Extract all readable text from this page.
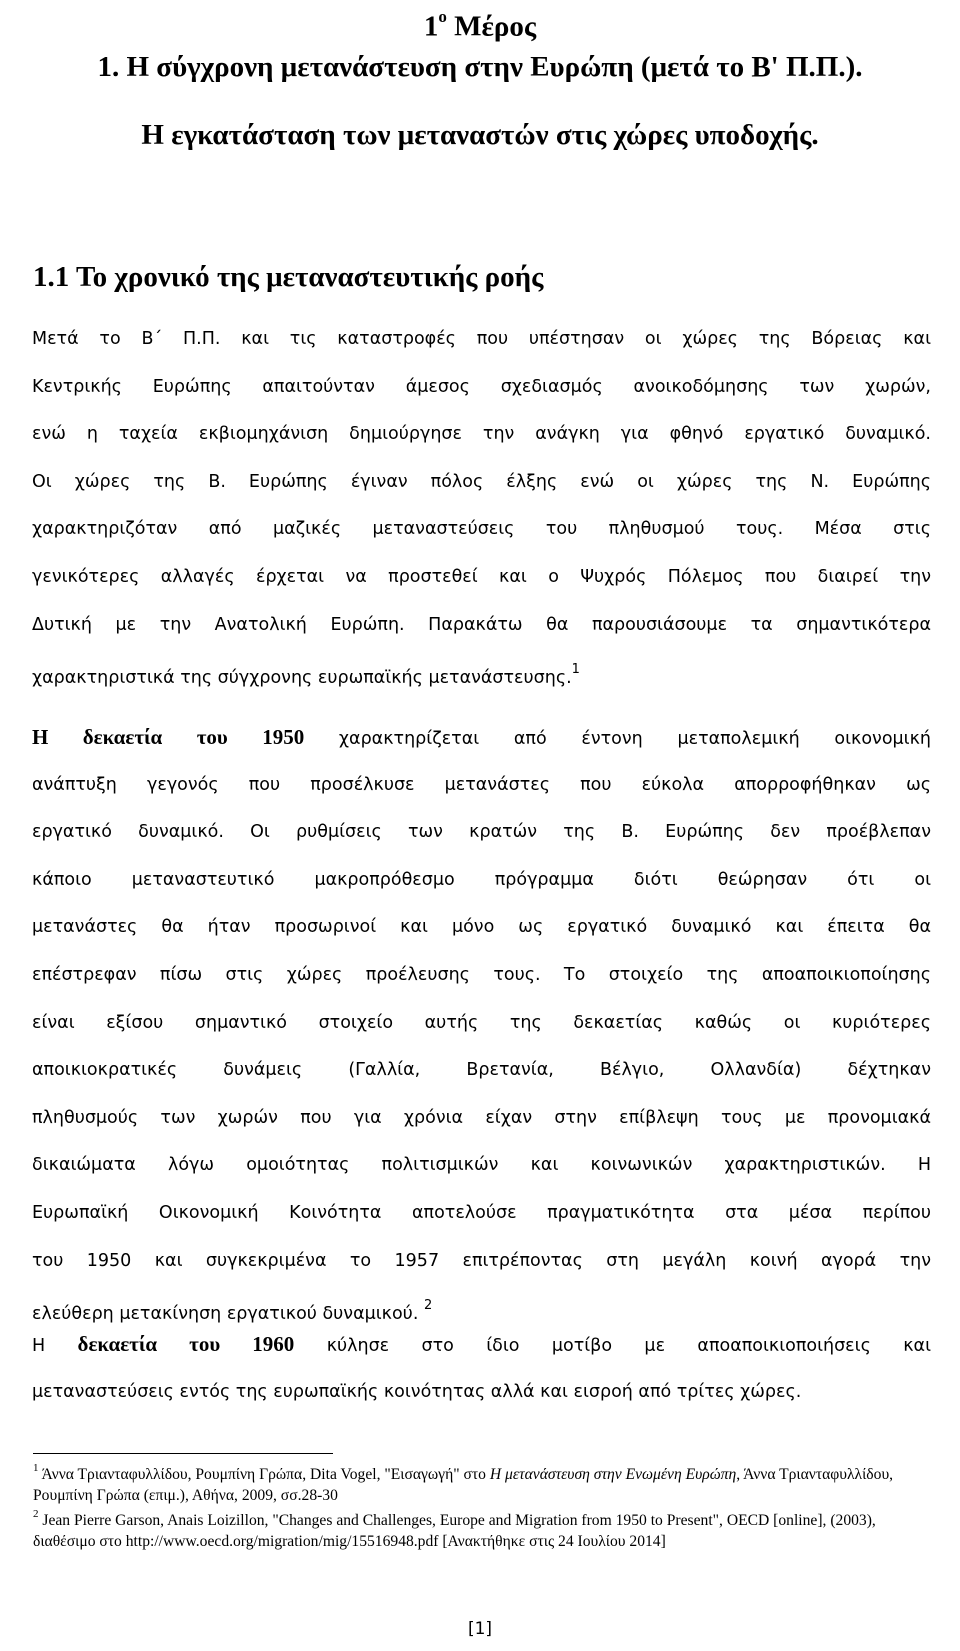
$1^o$ Μέρος
1. Η σύγχρονη μετανάστευση στην Ευρώπη (μετά το Β' Π.Π.).
Η εγκατάσταση των μεταναστών στις χώρες υποδοχής.
1.1 Το χρονικό της μεταναστευτικής ροής
Μετά το Β΄ Π.Π. και τις καταστροφές που υπέστησαν οι χώρες της Βόρειας και
Κεντρικής Ευρώπης απαιτούνταν άμεσος σχεδιασμός ανοικοδόμησης των χωρών,
ενώ η ταχεία εκβιομηχάνιση δημιούργησε την ανάγκη για φθηνό εργατικό δυναμικό.
Οι χώρες της Β. Ευρώπης έγιναν πόλος έλξης ενώ οι χώρες της Ν. Ευρώπης
χαρακτηριζόταν από μαζικές μεταναστεύσεις του πληθυσμού τους. Μέσα στις
γενικότερες αλλαγές έρχεται να προστεθεί και ο Ψυχρός Πόλεμος που διαιρεί την
Δυτική με την Ανατολική Ευρώπη. Παρακάτω θα παρουσιάσουμε τα σημαντικότερα
χαρακτηριστικά της σύγχρονης ευρωπαϊκής μετανάστευσης.$^1$
Η δεκαετία του 1950 χαρακτηρίζεται από έντονη μεταπολεμική οικονομική
ανάπτυξη γεγονός που προσέλκυσε μετανάστες που εύκολα απορροφήθηκαν ως
εργατικό δυναμικό. Οι ρυθμίσεις των κρατών της Β. Ευρώπης δεν προέβλεπαν
κάποιο μεταναστευτικό μακροπρόθεσμο πρόγραμμα διότι θεώρησαν ότι οι
μετανάστες θα ήταν προσωρινοί και μόνο ως εργατικό δυναμικό και έπειτα θα
επέστρεφαν πίσω στις χώρες προέλευσης τους. Το στοιχείο της αποαποικιοποίησης
είναι εξίσου σημαντικό στοιχείο αυτής της δεκαετίας καθώς οι κυριότερες
αποικιοκρατικές δυνάμεις (Γαλλία, Βρετανία, Βέλγιο, Ολλανδία) δέχτηκαν
πληθυσμούς των χωρών που για χρόνια είχαν στην επίβλεψη τους με προνομιακά
δικαιώματα λόγω ομοιότητας πολιτισμικών και κοινωνικών χαρακτηριστικών. Η
Ευρωπαϊκή Οικονομική Κοινότητα αποτελούσε πραγματικότητα στα μέσα περίπου
του 1950 και συγκεκριμένα το 1957 επιτρέποντας στη μεγάλη κοινή αγορά την
ελεύθερη μετακίνηση εργατικού δυναμικού. $^2$
Η δεκαετία του 1960 κύλησε στο ίδιο μοτίβο με αποαποικιοποιήσεις και
μεταναστεύσεις εντός της ευρωπαϊκής κοινότητας αλλά και εισροή από τρίτες χώρες.

$^1$ Άννα Τριανταφυλλίδου, Ρουμπίνη Γρώπα, Dita Vogel, "Εισαγωγή" στο Η μετανάστευση στην Ενωμένη Ευρώπη, Άννα Τριανταφυλλίδου, Ρουμπίνη Γρώπα (επιμ.), Αθήνα, 2009, σσ.28-30

$^2$ Jean Pierre Garson, Anais Loizillon, "Changes and Challenges, Europe and Migration from 1950 to Present", OECD [online], (2003), διαθέσιμο στο http://www.oecd.org/migration/mig/15516948.pdf [Ανακτήθηκε στις 24 Ιουλίου 2014]

[1]
